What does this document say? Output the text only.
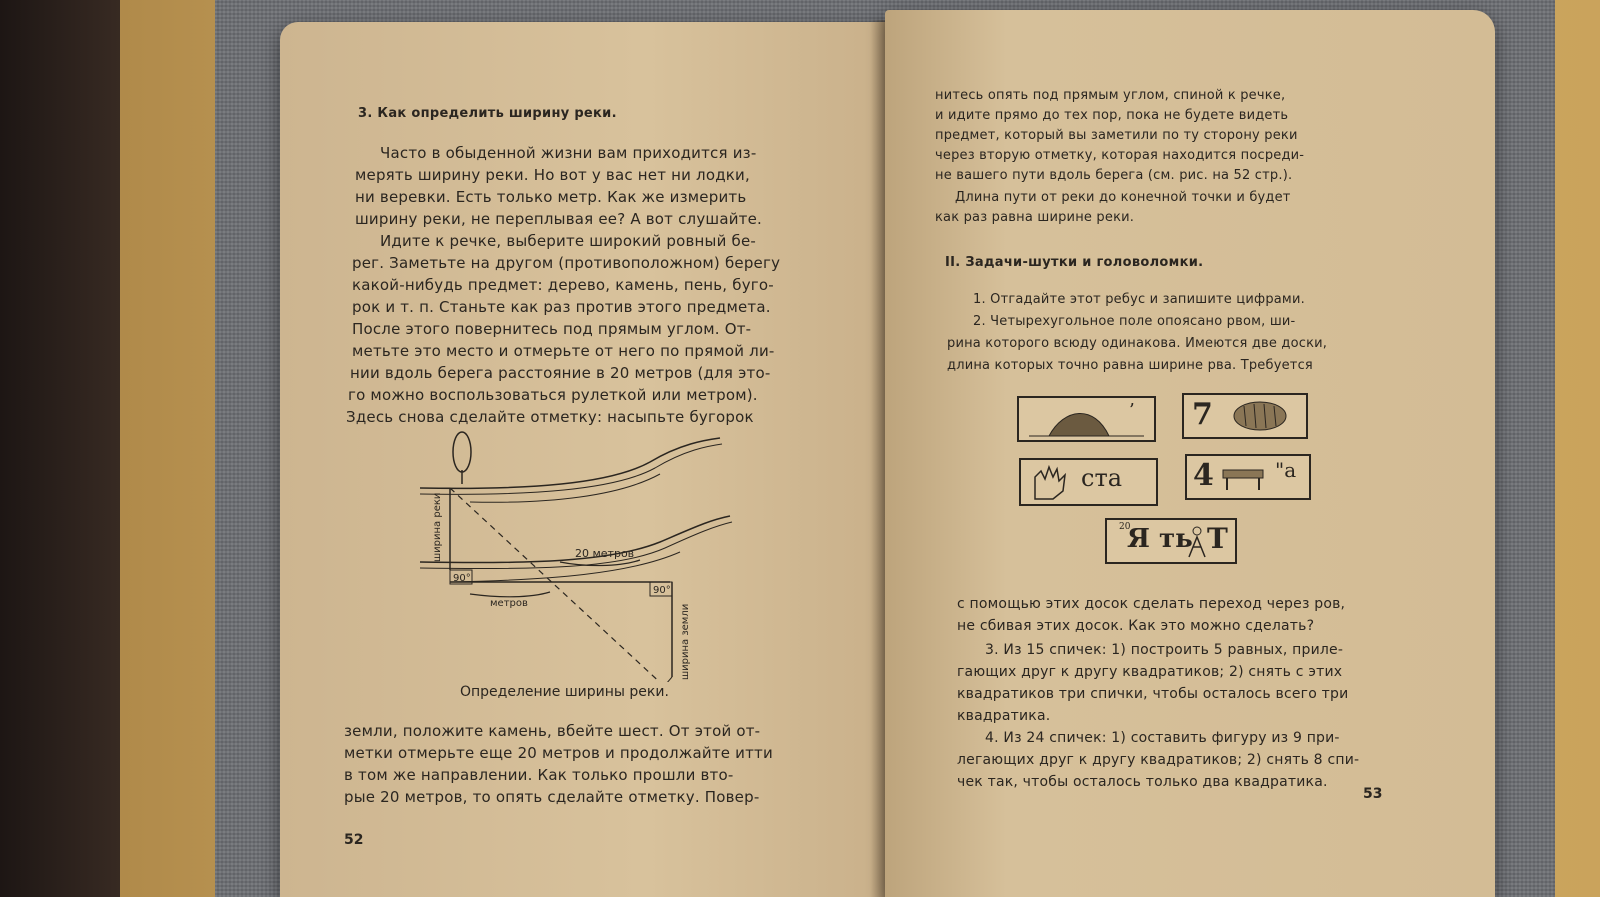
3. Как определить ширину реки.
Часто в обыденной жизни вам приходится из-
мерять ширину реки. Но вот у вас нет ни лодки,
ни веревки. Есть только метр. Как же измерить
ширину реки, не переплывая ее? А вот слушайте.
Идите к речке, выберите широкий ровный бе-
рег. Заметьте на другом (противоположном) берегу
какой-нибудь предмет: дерево, камень, пень, буго-
рок и т. п. Станьте как раз против этого предмета.
После этого повернитесь под прямым углом. От-
метьте это место и отмерьте от него по прямой ли-
нии вдоль берега расстояние в 20 метров (для это-
го можно воспользоваться рулеткой или метром).
Здесь снова сделайте отметку: насыпьте бугорок
ширина реки	20 метров
метров
ширина земли
90°
90°
Определение ширины реки.
земли, положите камень, вбейте шест. От этой от-
метки отмерьте еще 20 метров и продолжайте итти
в том же направлении. Как только прошли вто-
рые 20 метров, то опять сделайте отметку. Повер-
52
нитесь опять под прямым углом, спиной к речке,
и идите прямо до тех пор, пока не будете видеть
предмет, который вы заметили по ту сторону реки
через вторую отметку, которая находится посреди-
не вашего пути вдоль берега (см. рис. на 52 стр.).
Длина пути от реки до конечной точки и будет
как раз равна ширине реки.
II. Задачи-шутки и головоломки.
1. Отгадайте этот ребус и запишите цифрами.
2. Четырехугольное поле опоясано рвом, ши-
рина которого всюду одинакова. Имеются две доски,
длина которых точно равна ширине рва. Требуется
’ 7
ста 4	"а
Я ть Т
20
с помощью этих досок сделать переход через ров,
не сбивая этих досок. Как это можно сделать?
3. Из 15 спичек: 1) построить 5 равных, приле-
гающих друг к другу квадратиков; 2) снять с этих
квадратиков три спички, чтобы осталось всего три
квадратика.
4. Из 24 спичек: 1) составить фигуру из 9 при-
легающих друг к другу квадратиков; 2) снять 8 спи-
чек так, чтобы осталось только два квадратика.
53
